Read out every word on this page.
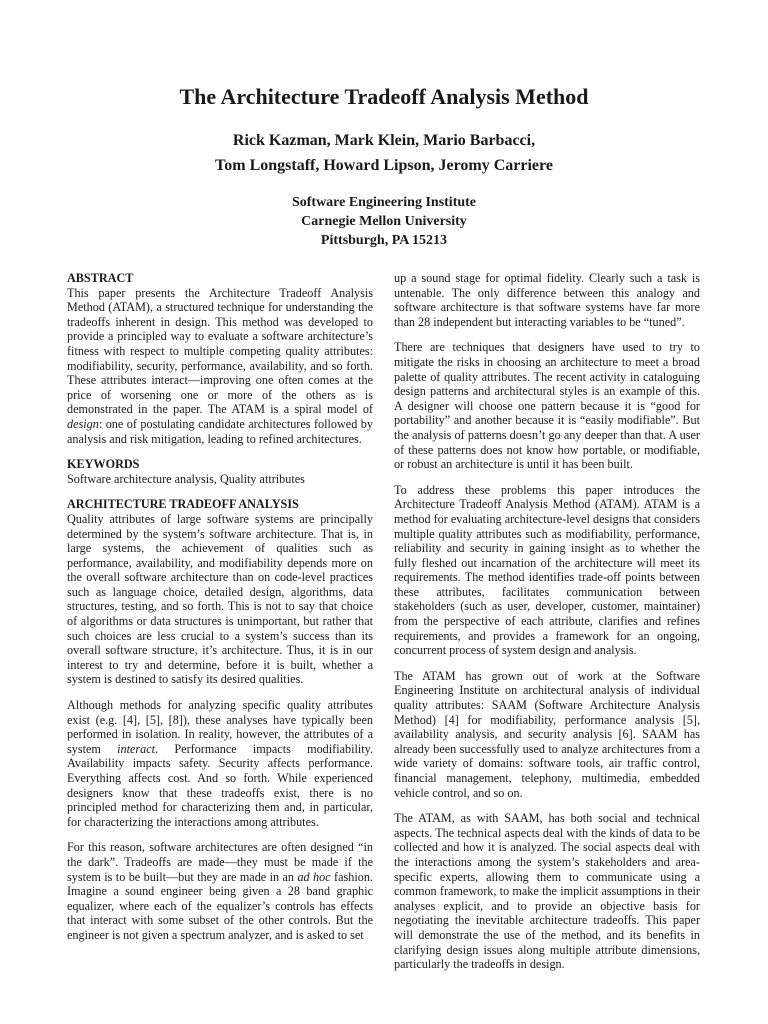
The Architecture Tradeoff Analysis Method
Rick Kazman, Mark Klein, Mario Barbacci,
Tom Longstaff, Howard Lipson, Jeromy Carriere
Software Engineering Institute
Carnegie Mellon University
Pittsburgh, PA 15213
ABSTRACT

This paper presents the Architecture Tradeoff Analysis Method (ATAM), a structured technique for understanding the tradeoffs inherent in design. This method was developed to provide a principled way to evaluate a software architecture’s fitness with respect to multiple competing quality attributes: modifiability, security, performance, availability, and so forth. These attributes interact—improving one often comes at the price of worsening one or more of the others as is demonstrated in the paper. The ATAM is a spiral model of design: one of postulating candidate architectures followed by analysis and risk mitigation, leading to refined architectures.

KEYWORDS

Software architecture analysis, Quality attributes

ARCHITECTURE TRADEOFF ANALYSIS

Quality attributes of large software systems are principally determined by the system’s software architecture. That is, in large systems, the achievement of qualities such as performance, availability, and modifiability depends more on the overall software architecture than on code-level practices such as language choice, detailed design, algorithms, data structures, testing, and so forth. This is not to say that choice of algorithms or data structures is unimportant, but rather that such choices are less crucial to a system’s success than its overall software structure, it’s architecture. Thus, it is in our interest to try and determine, before it is built, whether a system is destined to satisfy its desired qualities.

Although methods for analyzing specific quality attributes exist (e.g. [4], [5], [8]), these analyses have typically been performed in isolation. In reality, however, the attributes of a system interact. Performance impacts modifiability. Availability impacts safety. Security affects performance. Everything affects cost. And so forth. While experienced designers know that these tradeoffs exist, there is no principled method for characterizing them and, in particular, for characterizing the interactions among attributes.

For this reason, software architectures are often designed “in the dark”. Tradeoffs are made—they must be made if the system is to be built—but they are made in an ad hoc fashion. Imagine a sound engineer being given a 28 band graphic equalizer, where each of the equalizer’s controls has effects that interact with some subset of the other controls. But the engineer is not given a spectrum analyzer, and is asked to set

up a sound stage for optimal fidelity. Clearly such a task is untenable. The only difference between this analogy and software architecture is that software systems have far more than 28 independent but interacting variables to be “tuned”.

There are techniques that designers have used to try to mitigate the risks in choosing an architecture to meet a broad palette of quality attributes. The recent activity in cataloguing design patterns and architectural styles is an example of this. A designer will choose one pattern because it is “good for portability” and another because it is “easily modifiable”. But the analysis of patterns doesn’t go any deeper than that. A user of these patterns does not know how portable, or modifiable, or robust an architecture is until it has been built.

To address these problems this paper introduces the Architecture Tradeoff Analysis Method (ATAM). ATAM is a method for evaluating architecture-level designs that considers multiple quality attributes such as modifiability, performance, reliability and security in gaining insight as to whether the fully fleshed out incarnation of the architecture will meet its requirements. The method identifies trade-off points between these attributes, facilitates communication between stakeholders (such as user, developer, customer, maintainer) from the perspective of each attribute, clarifies and refines requirements, and provides a framework for an ongoing, concurrent process of system design and analysis.

The ATAM has grown out of work at the Software Engineering Institute on architectural analysis of individual quality attributes: SAAM (Software Architecture Analysis Method) [4] for modifiability, performance analysis [5], availability analysis, and security analysis [6]. SAAM has already been successfully used to analyze architectures from a wide variety of domains: software tools, air traffic control, financial management, telephony, multimedia, embedded vehicle control, and so on.

The ATAM, as with SAAM, has both social and technical aspects. The technical aspects deal with the kinds of data to be collected and how it is analyzed. The social aspects deal with the interactions among the system’s stakeholders and area-specific experts, allowing them to communicate using a common framework, to make the implicit assumptions in their analyses explicit, and to provide an objective basis for negotiating the inevitable architecture tradeoffs. This paper will demonstrate the use of the method, and its benefits in clarifying design issues along multiple attribute dimensions, particularly the tradeoffs in design.
